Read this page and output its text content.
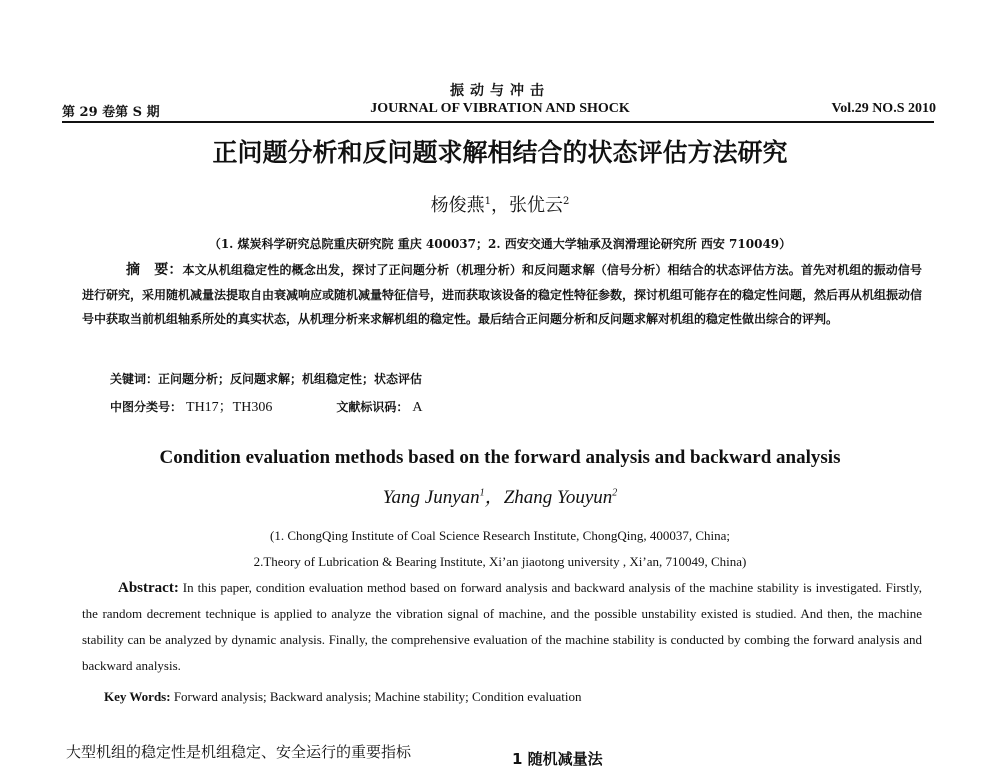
振动与冲击
第 29 卷第 S 期	JOURNAL OF VIBRATION AND SHOCK	Vol.29 NO.S 2010
正问题分析和反问题求解相结合的状态评估方法研究
杨俊燕$^1$，张优云$^2$
（1. 煤炭科学研究总院重庆研究院 重庆 400037；2. 西安交通大学轴承及润滑理论研究所 西安 710049）
摘　要：本文从机组稳定性的概念出发，探讨了正问题分析（机理分析）和反问题求解（信号分析）相结合的状态评估方法。首先对机组的振动信号进行研究，采用随机减量法提取自由衰减响应或随机减量特征信号，进而获取该设备的稳定性特征参数，探讨机组可能存在的稳定性问题，然后再从机组振动信号中获取当前机组轴系所处的真实状态，从机理分析来求解机组的稳定性。最后结合正问题分析和反问题求解对机组的稳定性做出综合的评判。
关键词：正问题分析；反问题求解；机组稳定性；状态评估
中图分类号： TH17；TH306	文献标识码： A
Condition evaluation methods based on the forward analysis and backward analysis
Yang Junyan$^1$，Zhang Youyun$^2$
(1. ChongQing Institute of Coal Science Research Institute, ChongQing, 400037, China;
2.Theory of Lubrication & Bearing Institute, Xi’an jiaotong university , Xi’an, 710049, China)
Abstract: In this paper, condition evaluation method based on forward analysis and backward analysis of the machine stability is investigated. Firstly, the random decrement technique is applied to analyze the vibration signal of machine, and the possible unstability existed is studied. And then, the machine stability can be analyzed by dynamic analysis. Finally, the comprehensive evaluation of the machine stability is conducted by combing the forward analysis and backward analysis.
Key Words: Forward analysis; Backward analysis; Machine stability; Condition evaluation
大型机组的稳定性是机组稳定、安全运行的重要指标	1 随机减量法
